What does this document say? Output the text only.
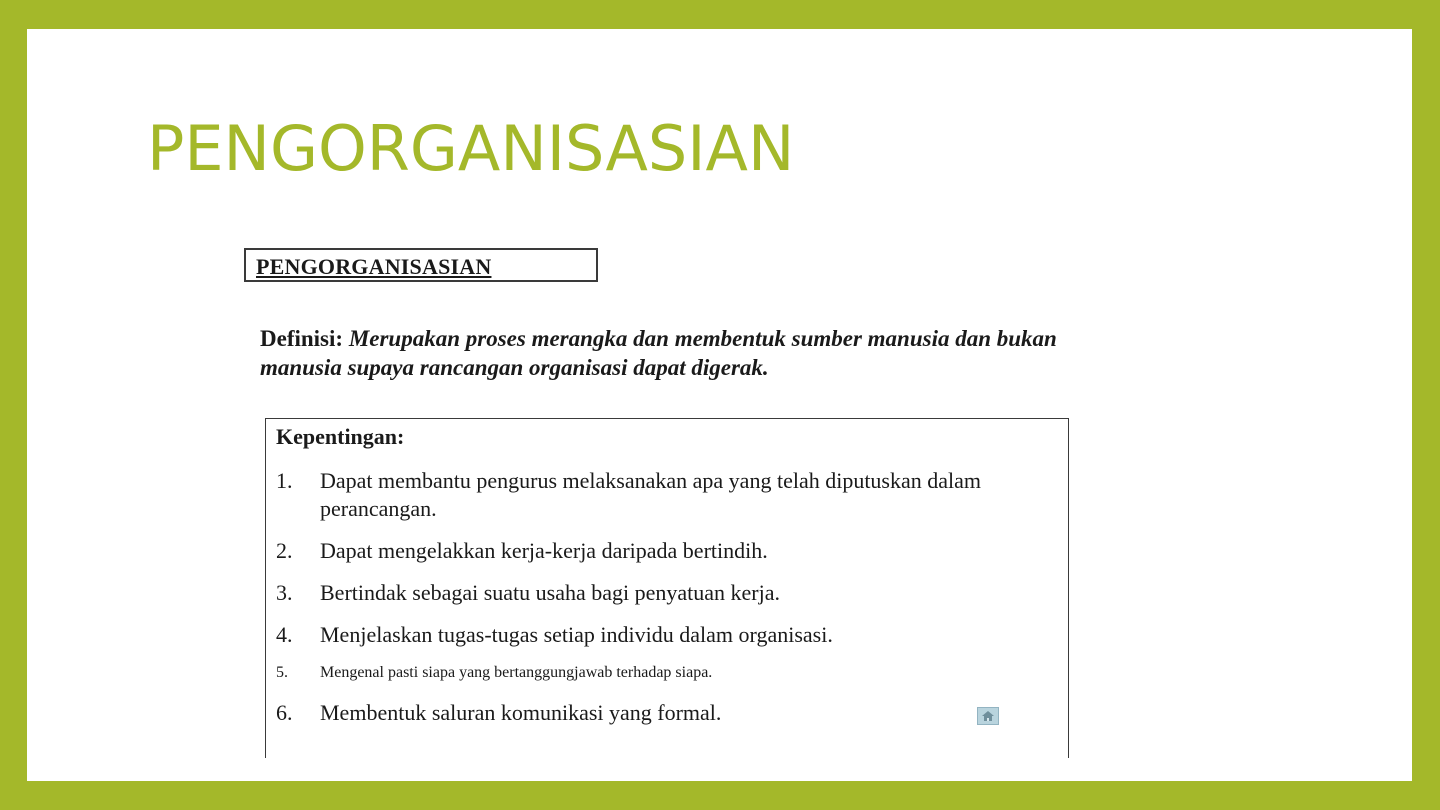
PENGORGANISASIAN
PENGORGANISASIAN

Definisi: Merupakan proses merangka dan membentuk sumber manusia dan bukan manusia supaya rancangan organisasi dapat digerak.

Kepentingan:
1. Dapat membantu pengurus melaksanakan apa yang telah diputuskan dalam perancangan.
2. Dapat mengelakkan kerja-kerja daripada bertindih.
3. Bertindak sebagai suatu usaha bagi penyatuan kerja.
4. Menjelaskan tugas-tugas setiap individu dalam organisasi.
5. Mengenal pasti siapa yang bertanggungjawab terhadap siapa.
6. Membentuk saluran komunikasi yang formal.
